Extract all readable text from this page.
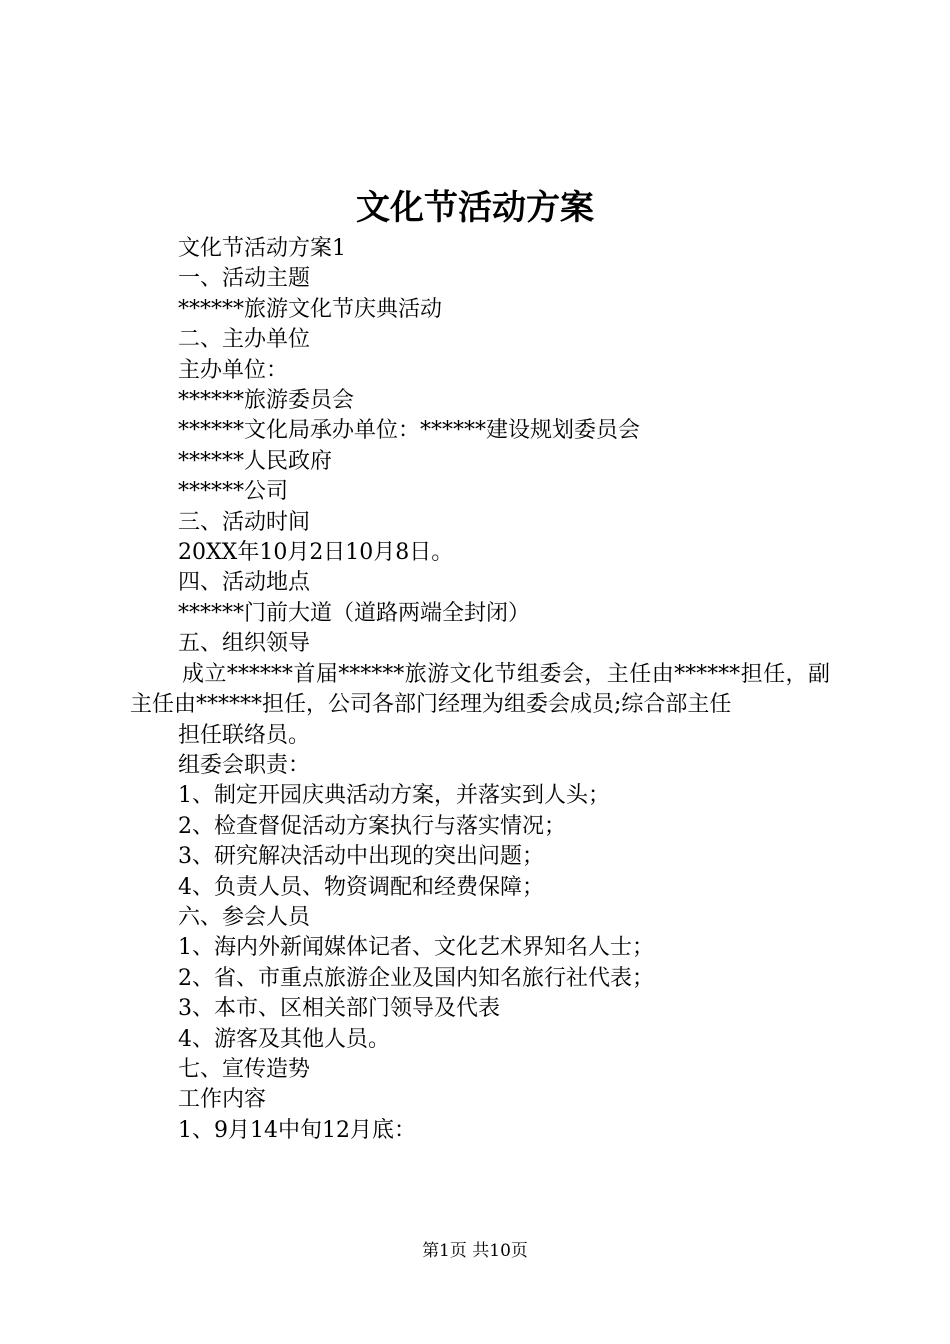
文化节活动方案
文化节活动方案1
一、活动主题
******旅游文化节庆典活动
二、主办单位
主办单位：
******旅游委员会
******文化局承办单位：******建设规划委员会
******人民政府
******公司
三、活动时间
20XX年10月2日10月8日。
四、活动地点
******门前大道（道路两端全封闭）
五、组织领导
成立******首届******旅游文化节组委会，主任由******担任，副主任由******担任，公司各部门经理为组委会成员;综合部主任
担任联络员。
组委会职责：
1、制定开园庆典活动方案，并落实到人头；
2、检查督促活动方案执行与落实情况；
3、研究解决活动中出现的突出问题；
4、负责人员、物资调配和经费保障；
六、参会人员
1、海内外新闻媒体记者、文化艺术界知名人士；
2、省、市重点旅游企业及国内知名旅行社代表；
3、本市、区相关部门领导及代表
4、游客及其他人员。
七、宣传造势
工作内容
1、9月14中旬12月底：
第1页 共10页
